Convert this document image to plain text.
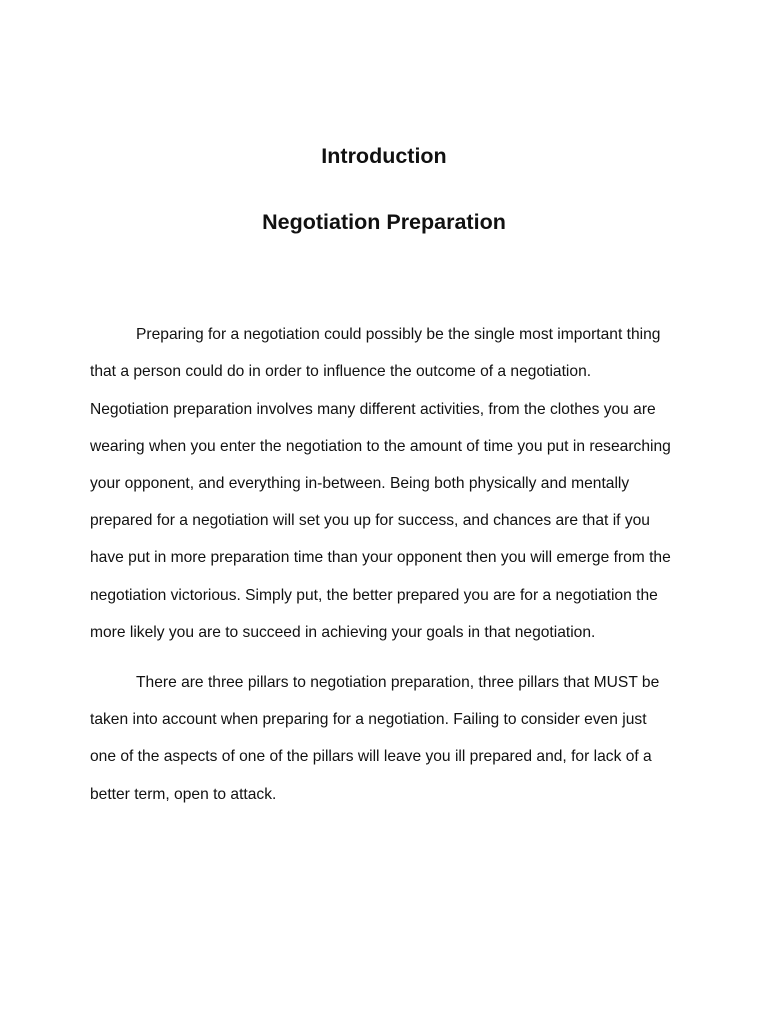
Introduction
Negotiation Preparation

Preparing for a negotiation could possibly be the single most important thing

that a person could do in order to influence the outcome of a negotiation.

Negotiation preparation involves many different activities, from the clothes you are

wearing when you enter the negotiation to the amount of time you put in researching

your opponent, and everything in-between. Being both physically and mentally

prepared for a negotiation will set you up for success, and chances are that if you

have put in more preparation time than your opponent then you will emerge from the

negotiation victorious. Simply put, the better prepared you are for a negotiation the

more likely you are to succeed in achieving your goals in that negotiation.

There are three pillars to negotiation preparation, three pillars that MUST be

taken into account when preparing for a negotiation. Failing to consider even just

one of the aspects of one of the pillars will leave you ill prepared and, for lack of a

better term, open to attack.
